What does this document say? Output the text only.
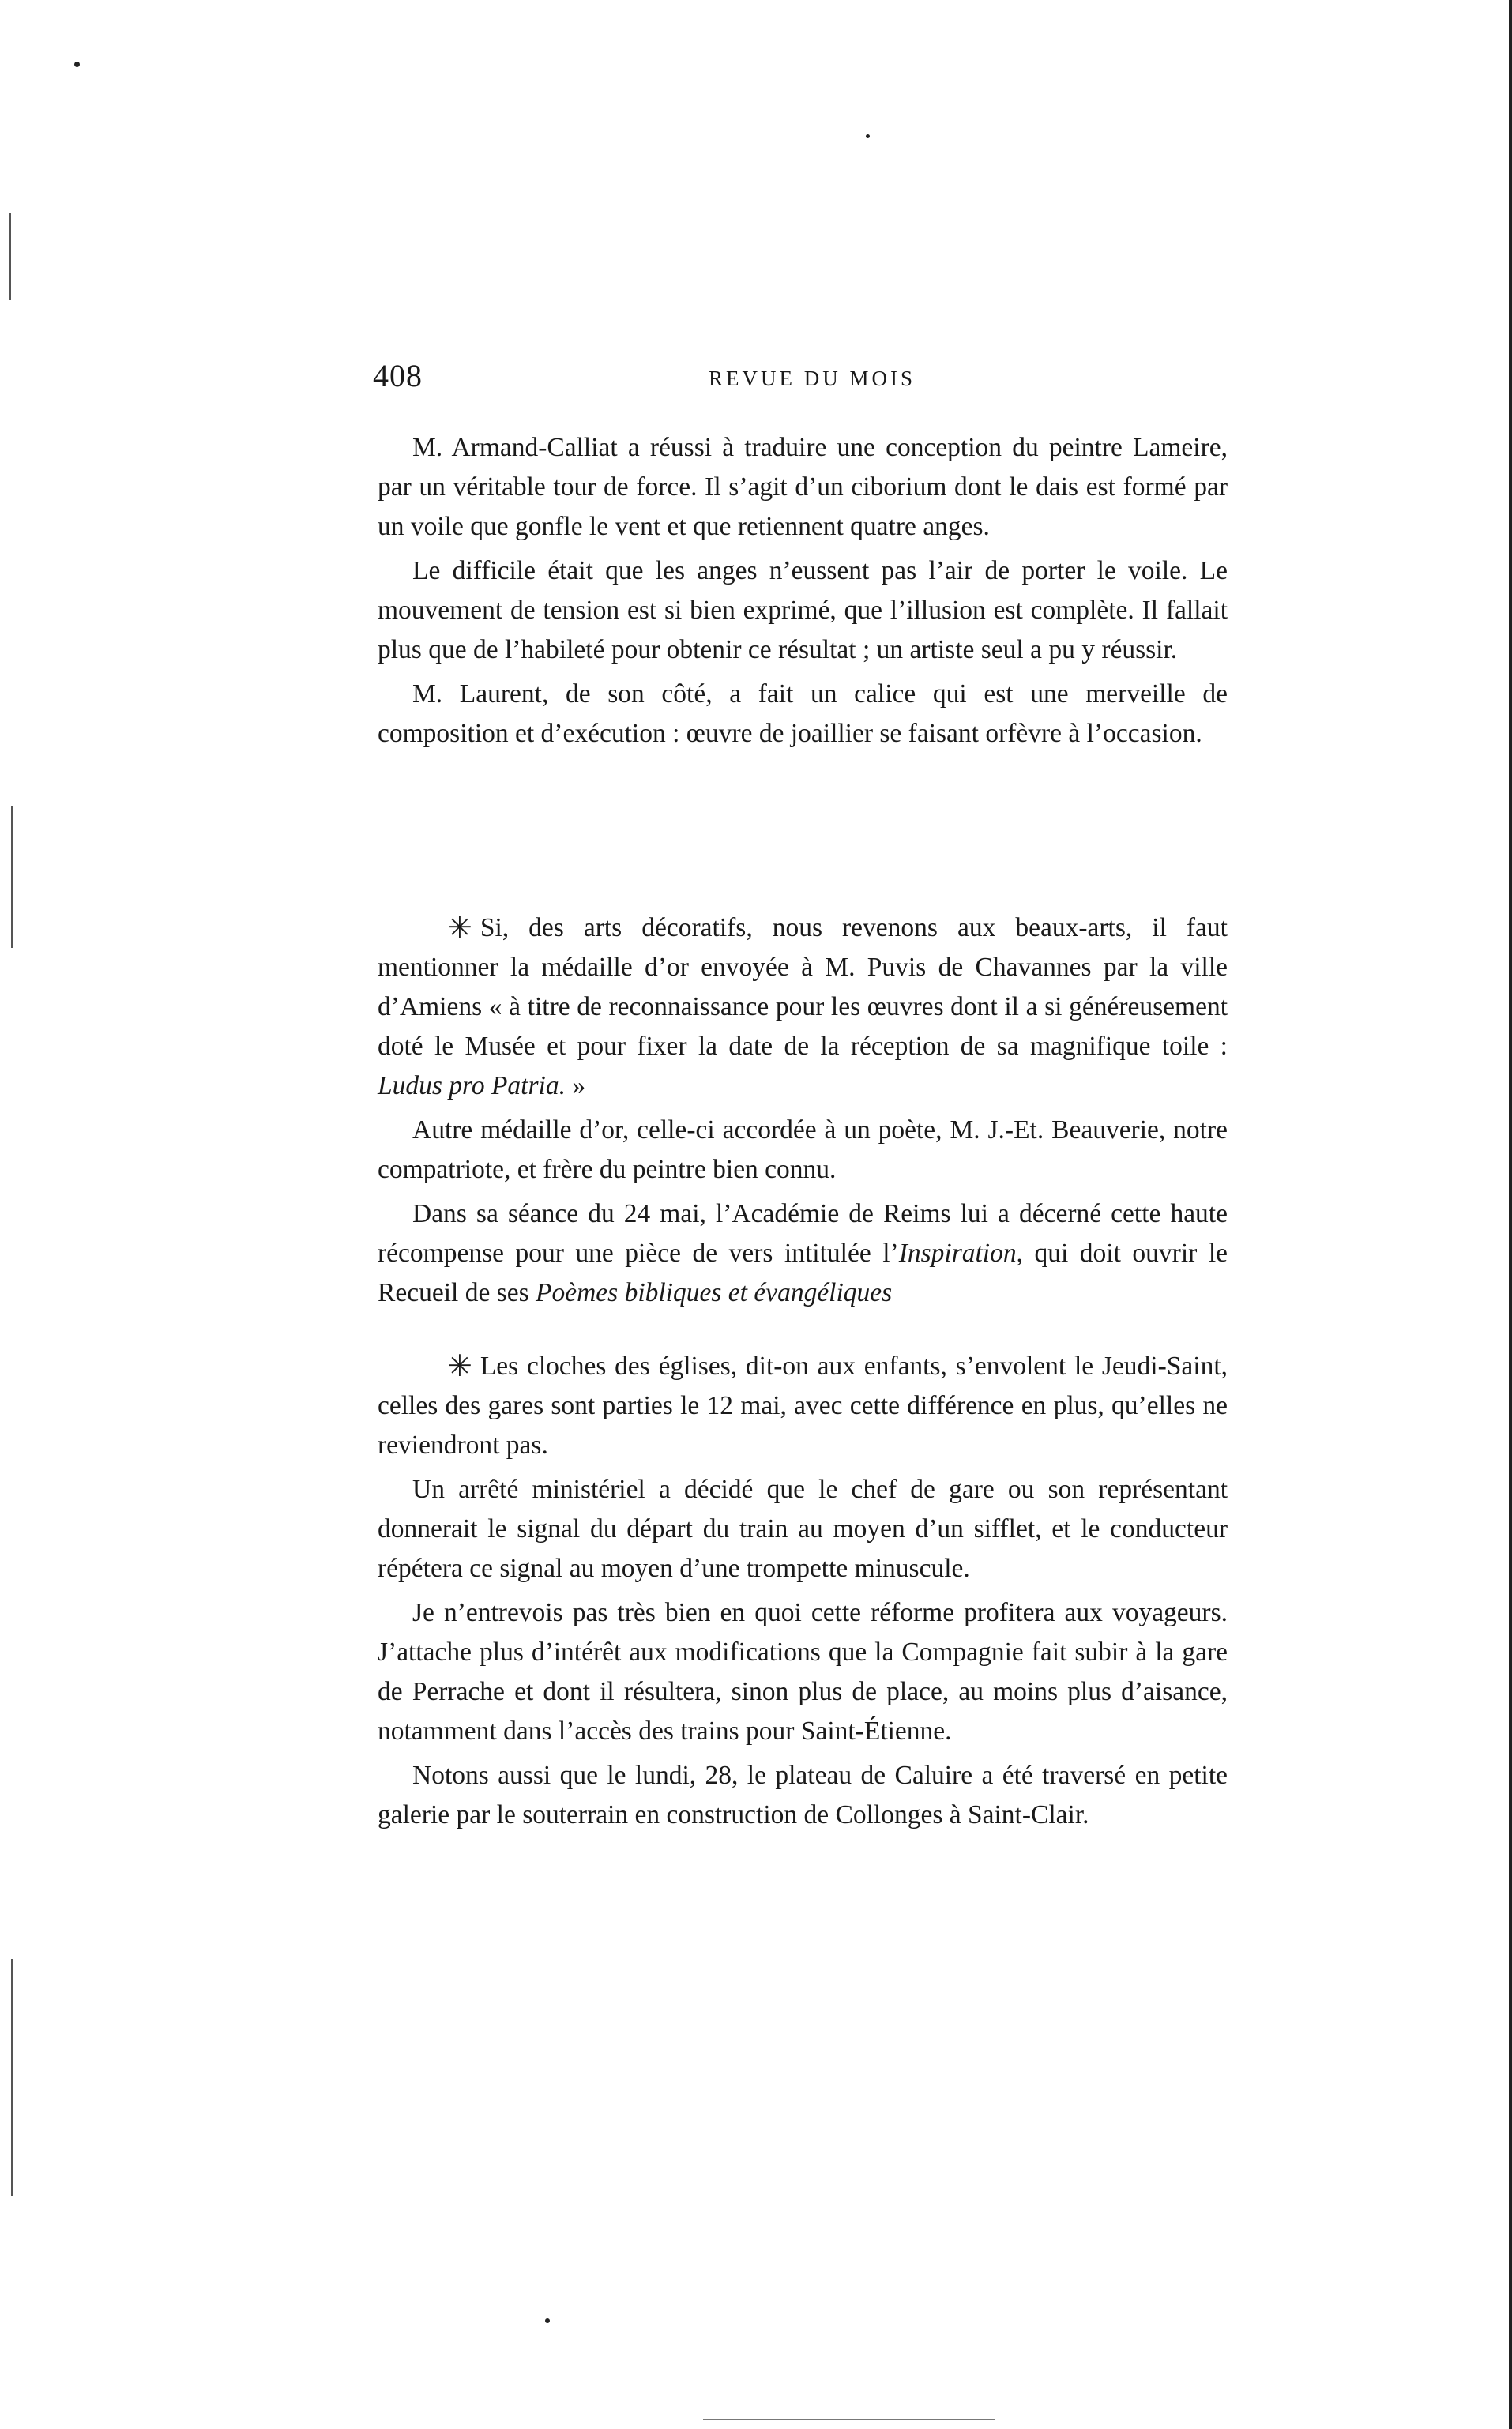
408	REVUE DU MOIS

M. Armand-Calliat a réussi à traduire une conception du peintre Lameire, par un véritable tour de force. Il s’agit d’un ciborium dont le dais est formé par un voile que gonfle le vent et que retiennent quatre anges.

Le difficile était que les anges n’eussent pas l’air de porter le voile. Le mouvement de tension est si bien exprimé, que l’illusion est complète. Il fallait plus que de l’habileté pour obtenir ce résultat ; un artiste seul a pu y réussir.

M. Laurent, de son côté, a fait un calice qui est une merveille de composition et d’exécution : œuvre de joaillier se faisant orfèvre à l’occasion.

✳ Si, des arts décoratifs, nous revenons aux beaux-arts, il faut mentionner la médaille d’or envoyée à M. Puvis de Chavannes par la ville d’Amiens « à titre de reconnaissance pour les œuvres dont il a si généreusement doté le Musée et pour fixer la date de la réception de sa magnifique toile : Ludus pro Patria. »

Autre médaille d’or, celle-ci accordée à un poète, M. J.-Et. Beauverie, notre compatriote, et frère du peintre bien connu.

Dans sa séance du 24 mai, l’Académie de Reims lui a décerné cette haute récompense pour une pièce de vers intitulée l’Inspiration, qui doit ouvrir le Recueil de ses Poèmes bibliques et évangéliques

✳ Les cloches des églises, dit-on aux enfants, s’envolent le Jeudi-Saint, celles des gares sont parties le 12 mai, avec cette différence en plus, qu’elles ne reviendront pas.

Un arrêté ministériel a décidé que le chef de gare ou son représentant donnerait le signal du départ du train au moyen d’un sifflet, et le conducteur répétera ce signal au moyen d’une trompette minuscule.

Je n’entrevois pas très bien en quoi cette réforme profitera aux voyageurs. J’attache plus d’intérêt aux modifications que la Compagnie fait subir à la gare de Perrache et dont il résultera, sinon plus de place, au moins plus d’aisance, notamment dans l’accès des trains pour Saint-Étienne.

Notons aussi que le lundi, 28, le plateau de Caluire a été traversé en petite galerie par le souterrain en construction de Collonges à Saint-Clair.
